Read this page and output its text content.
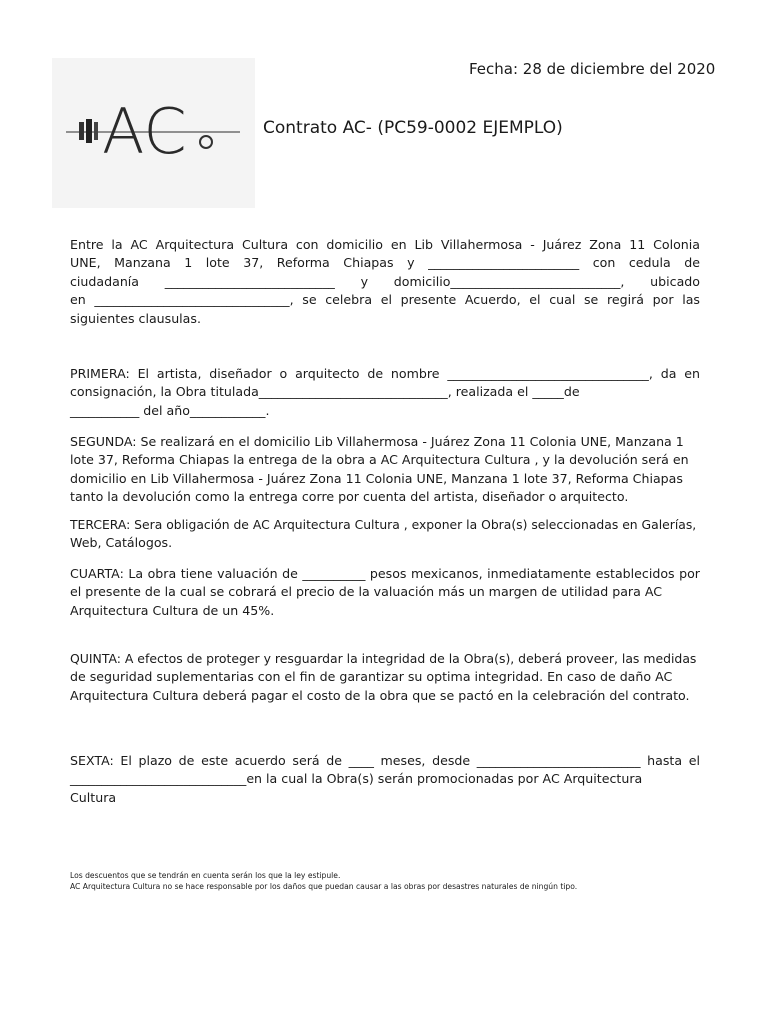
Fecha: 28 de diciembre del 2020
AC	Contrato AC- (PC59-0002 EJEMPLO)
Entre la AC Arquitectura Cultura con domicilio en Lib Villahermosa - Juárez Zona 11 Colonia
UNE, Manzana 1 lote 37, Reforma Chiapas y ________________________ con cedula de
ciudadanía ___________________________ y domicilio___________________________, ubicado
en _______________________________, se celebra el presente Acuerdo, el cual se regirá por las
siguientes clausulas.
PRIMERA: El artista, diseñador o arquitecto de nombre ________________________________, da en
consignación, la Obra titulada______________________________, realizada el _____de
___________ del año____________.
SEGUNDA: Se realizará en el domicilio Lib Villahermosa - Juárez Zona 11 Colonia UNE, Manzana 1
lote 37, Reforma Chiapas la entrega de la obra a AC Arquitectura Cultura , y la devolución será en
domicilio en Lib Villahermosa - Juárez Zona 11 Colonia UNE, Manzana 1 lote 37, Reforma Chiapas
tanto la devolución como la entrega corre por cuenta del artista, diseñador o arquitecto.
TERCERA: Sera obligación de AC Arquitectura Cultura , exponer la Obra(s) seleccionadas en Galerías,
Web, Catálogos.
CUARTA: La obra tiene valuación de __________ pesos mexicanos, inmediatamente establecidos por
el presente de la cual se cobrará el precio de la valuación más un margen de utilidad para AC
Arquitectura Cultura de un 45%.
QUINTA: A efectos de proteger y resguardar la integridad de la Obra(s), deberá proveer, las medidas
de seguridad suplementarias con el fin de garantizar su optima integridad. En caso de daño AC
Arquitectura Cultura deberá pagar el costo de la obra que se pactó en la celebración del contrato.
SEXTA: El plazo de este acuerdo será de ____ meses, desde __________________________ hasta el
____________________________en la cual la Obra(s) serán promocionadas por AC Arquitectura
Cultura
Los descuentos que se tendrán en cuenta serán los que la ley estipule.
AC Arquitectura Cultura no se hace responsable por los daños que puedan causar a las obras por desastres naturales de ningún tipo.
